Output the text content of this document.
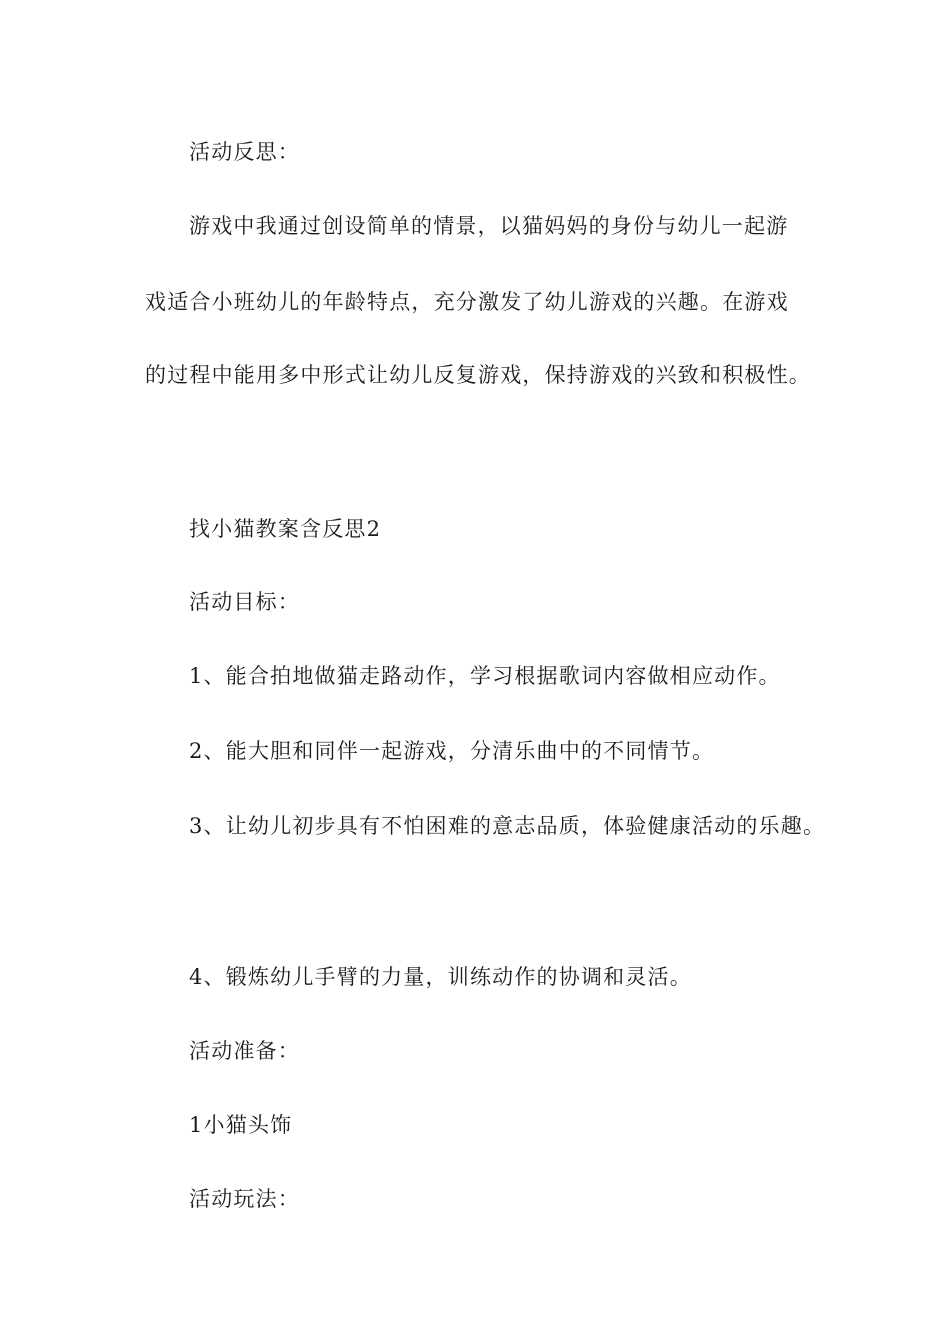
活动反思：
游戏中我通过创设简单的情景，以猫妈妈的身份与幼儿一起游
戏适合小班幼儿的年龄特点，充分激发了幼儿游戏的兴趣。在游戏
的过程中能用多中形式让幼儿反复游戏，保持游戏的兴致和积极性。
找小猫教案含反思2
活动目标：
1、能合拍地做猫走路动作，学习根据歌词内容做相应动作。
2、能大胆和同伴一起游戏，分清乐曲中的不同情节。
3、让幼儿初步具有不怕困难的意志品质，体验健康活动的乐趣。
4、锻炼幼儿手臂的力量，训练动作的协调和灵活。
活动准备：
1小猫头饰
活动玩法：
